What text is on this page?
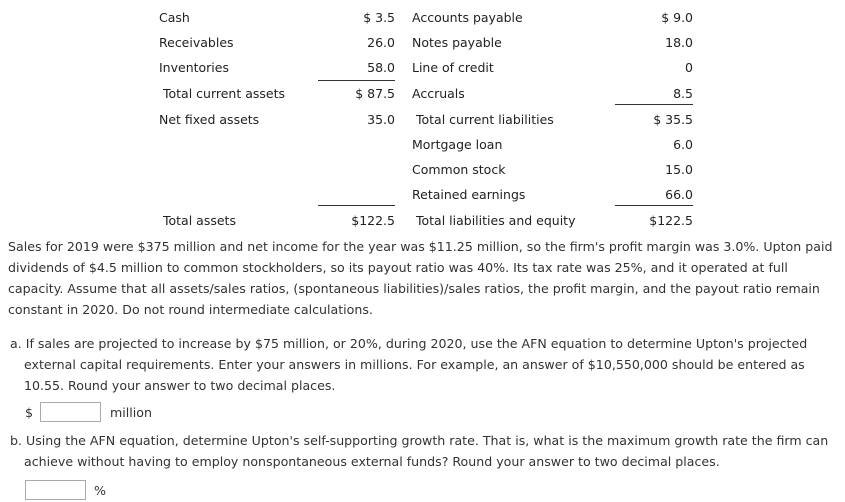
Cash	$ 3.5
Receivables	26.0
Inventories	58.0
Total current assets	$ 87.5
Net fixed assets	35.0
Accounts payable	$ 9.0
Notes payable	18.0
Line of credit	0
Accruals	8.5
Total current liabilities	$ 35.5
Mortgage loan	6.0
Common stock	15.0
Retained earnings	66.0
Total assets	$122.5 Total liabilities and equity	$122.5
Sales for 2019 were $375 million and net income for the year was $11.25 million, so the firm's profit margin was 3.0%. Upton paid dividends of $4.5 million to common stockholders, so its payout ratio was 40%. Its tax rate was 25%, and it operated at full capacity. Assume that all assets/sales ratios, (spontaneous liabilities)/sales ratios, the profit margin, and the payout ratio remain constant in 2020. Do not round intermediate calculations.
a. If sales are projected to increase by $75 million, or 20%, during 2020, use the AFN equation to determine Upton's projected external capital requirements. Enter your answers in millions. For example, an answer of $10,550,000 should be entered as 10.55. Round your answer to two decimal places.
$	million
b. Using the AFN equation, determine Upton's self-supporting growth rate. That is, what is the maximum growth rate the firm can achieve without having to employ nonspontaneous external funds? Round your answer to two decimal places.
%
